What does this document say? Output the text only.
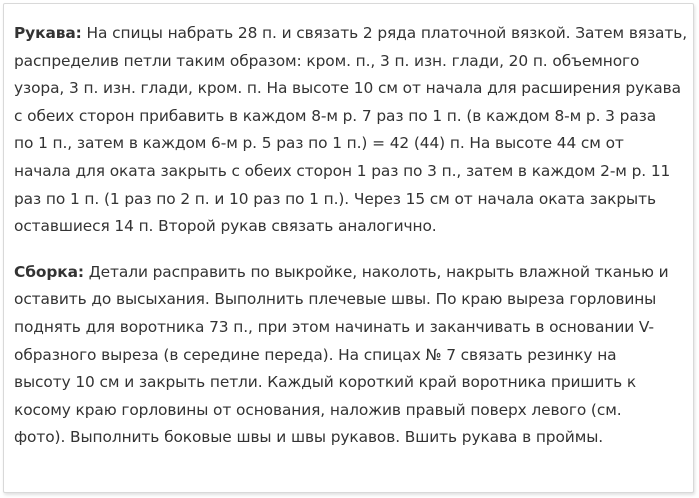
Рукава: На спицы набрать 28 п. и связать 2 ряда платочной вязкой. Затем вязать,
распределив петли таким образом: кром. п., 3 п. изн. глади, 20 п. объемного
узора, 3 п. изн. глади, кром. п. На высоте 10 см от начала для расширения рукава
с обеих сторон прибавить в каждом 8-м р. 7 раз по 1 п. (в каждом 8-м р. 3 раза
по 1 п., затем в каждом 6-м р. 5 раз по 1 п.) = 42 (44) п. На высоте 44 см от
начала для оката закрыть с обеих сторон 1 раз по 3 п., затем в каждом 2-м р. 11
раз по 1 п. (1 раз по 2 п. и 10 раз по 1 п.). Через 15 см от начала оката закрыть
оставшиеся 14 п. Второй рукав связать аналогично.

Сборка: Детали расправить по выкройке, наколоть, накрыть влажной тканью и
оставить до высыхания. Выполнить плечевые швы. По краю выреза горловины
поднять для воротника 73 п., при этом начинать и заканчивать в основании V-
образного выреза (в середине переда). На спицах № 7 связать резинку на
высоту 10 см и закрыть петли. Каждый короткий край воротника пришить к
косому краю горловины от основания, наложив правый поверх левого (см.
фото). Выполнить боковые швы и швы рукавов. Вшить рукава в проймы.
